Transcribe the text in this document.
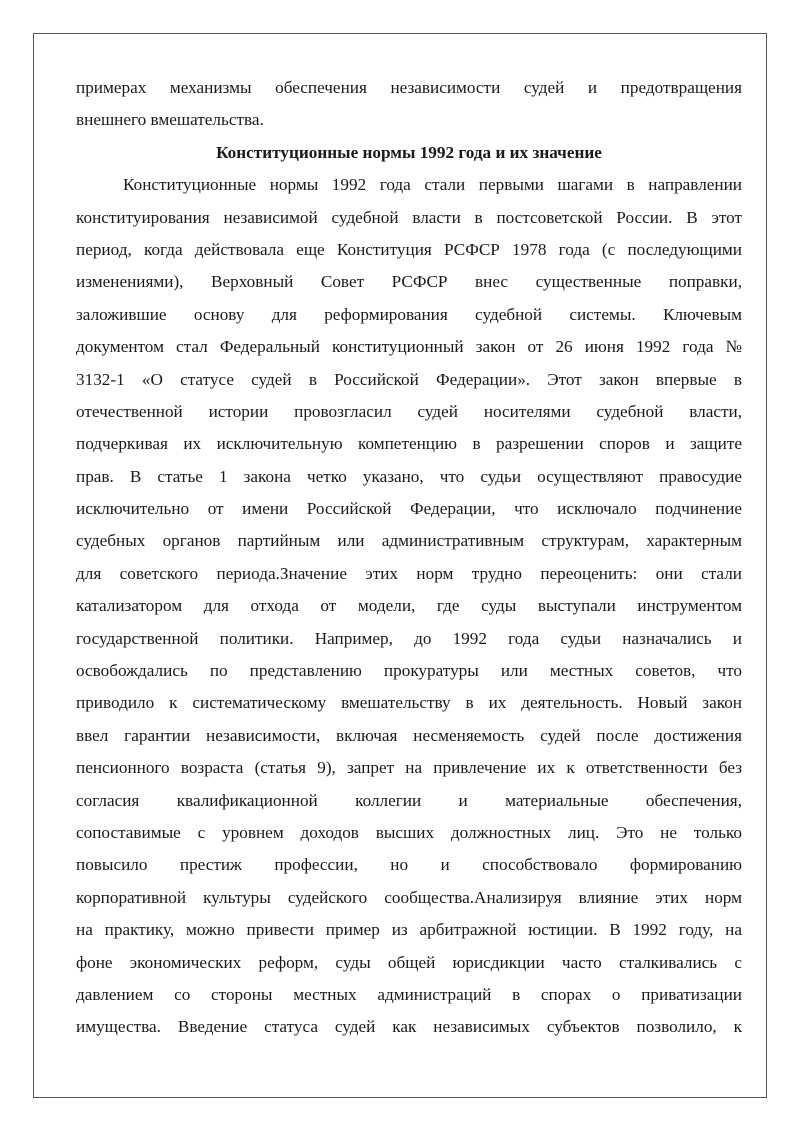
примерах механизмы обеспечения независимости судей и предотвращения
внешнего вмешательства.
Конституционные нормы 1992 года и их значение
Конституционные нормы 1992 года стали первыми шагами в направлении
конституирования независимой судебной власти в постсоветской России. В этот
период, когда действовала еще Конституция РСФСР 1978 года (с последующими
изменениями), Верховный Совет РСФСР внес существенные поправки,
заложившие основу для реформирования судебной системы. Ключевым
документом стал Федеральный конституционный закон от 26 июня 1992 года №
3132-1 «О статусе судей в Российской Федерации». Этот закон впервые в
отечественной истории провозгласил судей носителями судебной власти,
подчеркивая их исключительную компетенцию в разрешении споров и защите
прав. В статье 1 закона четко указано, что судьи осуществляют правосудие
исключительно от имени Российской Федерации, что исключало подчинение
судебных органов партийным или административным структурам, характерным
для советского периода.Значение этих норм трудно переоценить: они стали
катализатором для отхода от модели, где суды выступали инструментом
государственной политики. Например, до 1992 года судьи назначались и
освобождались по представлению прокуратуры или местных советов, что
приводило к систематическому вмешательству в их деятельность. Новый закон
ввел гарантии независимости, включая несменяемость судей после достижения
пенсионного возраста (статья 9), запрет на привлечение их к ответственности без
согласия квалификационной коллегии и материальные обеспечения,
сопоставимые с уровнем доходов высших должностных лиц. Это не только
повысило престиж профессии, но и способствовало формированию
корпоративной культуры судейского сообщества.Анализируя влияние этих норм
на практику, можно привести пример из арбитражной юстиции. В 1992 году, на
фоне экономических реформ, суды общей юрисдикции часто сталкивались с
давлением со стороны местных администраций в спорах о приватизации
имущества. Введение статуса судей как независимых субъектов позволило, к
